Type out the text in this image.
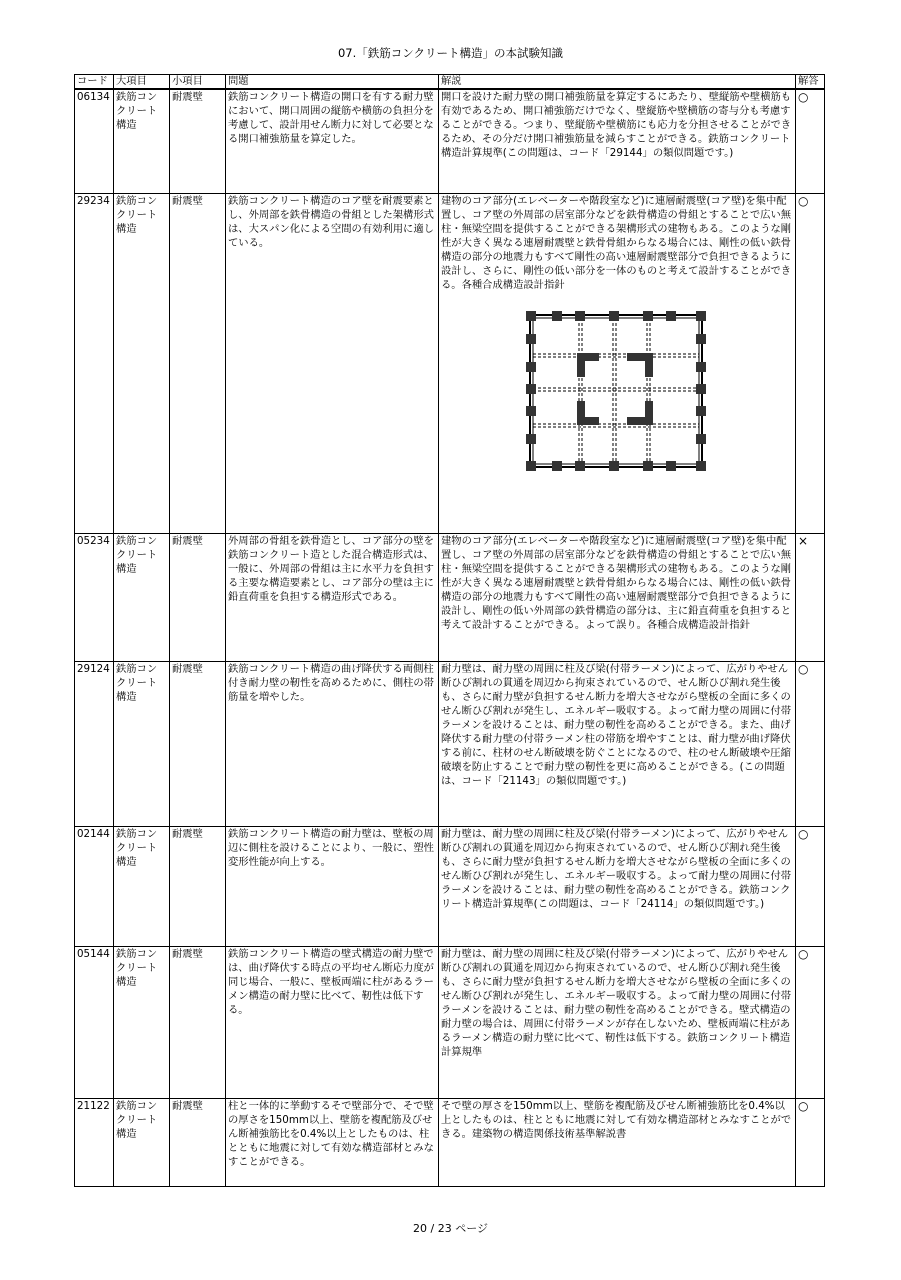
07.「鉄筋コンクリート構造」の本試験知識
コード	大項目	小項目	問題	解説	解答
06134	鉄筋コンクリート構造	耐震壁	鉄筋コンクリート構造の開口を有する耐力壁において、開口周囲の縦筋や横筋の負担分を考慮して、設計用せん断力に対して必要となる開口補強筋量を算定した。	開口を設けた耐力壁の開口補強筋量を算定するにあたり、壁縦筋や壁横筋も有効であるため、開口補強筋だけでなく、壁縦筋や壁横筋の寄与分も考慮することができる。つまり、壁縦筋や壁横筋にも応力を分担させることができるため、その分だけ開口補強筋量を減らすことができる。鉄筋コンクリート構造計算規準(この問題は、コード「29144」の類似問題です。)	○
29234	鉄筋コンクリート構造	耐震壁	鉄筋コンクリート構造のコア壁を耐震要素とし、外周部を鉄骨構造の骨組とした架構形式は、大スパン化による空間の有効利用に適している。	建物のコア部分(エレベーターや階段室など)に連層耐震壁(コア壁)を集中配置し、コア壁の外周部の居室部分などを鉄骨構造の骨組とすることで広い無柱・無梁空間を提供することができる架構形式の建物もある。このような剛性が大きく異なる連層耐震壁と鉄骨骨組からなる場合には、剛性の低い鉄骨構造の部分の地震力もすべて剛性の高い連層耐震壁部分で負担できるように設計し、さらに、剛性の低い部分を一体のものと考えて設計することができる。各種合成構造設計指針	○
05234	鉄筋コンクリート構造	耐震壁	外周部の骨組を鉄骨造とし、コア部分の壁を鉄筋コンクリート造とした混合構造形式は、一般に、外周部の骨組は主に水平力を負担する主要な構造要素とし、コア部分の壁は主に鉛直荷重を負担する構造形式である。	建物のコア部分(エレベーターや階段室など)に連層耐震壁(コア壁)を集中配置し、コア壁の外周部の居室部分などを鉄骨構造の骨組とすることで広い無柱・無梁空間を提供することができる架構形式の建物もある。このような剛性が大きく異なる連層耐震壁と鉄骨骨組からなる場合には、剛性の低い鉄骨構造の部分の地震力もすべて剛性の高い連層耐震壁部分で負担できるように設計し、剛性の低い外周部の鉄骨構造の部分は、主に鉛直荷重を負担すると考えて設計することができる。よって誤り。各種合成構造設計指針	×
29124	鉄筋コンクリート構造	耐震壁	鉄筋コンクリート構造の曲げ降伏する両側柱付き耐力壁の靭性を高めるために、側柱の帯筋量を増やした。	耐力壁は、耐力壁の周囲に柱及び梁(付帯ラーメン)によって、広がりやせん断ひび割れの貫通を周辺から拘束されているので、せん断ひび割れ発生後も、さらに耐力壁が負担するせん断力を増大させながら壁板の全面に多くのせん断ひび割れが発生し、エネルギー吸収する。よって耐力壁の周囲に付帯ラーメンを設けることは、耐力壁の靭性を高めることができる。また、曲げ降伏する耐力壁の付帯ラーメン柱の帯筋を増やすことは、耐力壁が曲げ降伏する前に、柱材のせん断破壊を防ぐことになるので、柱のせん断破壊や圧縮破壊を防止することで耐力壁の靭性を更に高めることができる。(この問題は、コード「21143」の類似問題です。)	○
02144	鉄筋コンクリート構造	耐震壁	鉄筋コンクリート構造の耐力壁は、壁板の周辺に側柱を設けることにより、一般に、塑性変形性能が向上する。	耐力壁は、耐力壁の周囲に柱及び梁(付帯ラーメン)によって、広がりやせん断ひび割れの貫通を周辺から拘束されているので、せん断ひび割れ発生後も、さらに耐力壁が負担するせん断力を増大させながら壁板の全面に多くのせん断ひび割れが発生し、エネルギー吸収する。よって耐力壁の周囲に付帯ラーメンを設けることは、耐力壁の靭性を高めることができる。鉄筋コンクリート構造計算規準(この問題は、コード「24114」の類似問題です。)	○
05144	鉄筋コンクリート構造	耐震壁	鉄筋コンクリート構造の壁式構造の耐力壁では、曲げ降伏する時点の平均せん断応力度が同じ場合、一般に、壁板両端に柱があるラーメン構造の耐力壁に比べて、靭性は低下する。	耐力壁は、耐力壁の周囲に柱及び梁(付帯ラーメン)によって、広がりやせん断ひび割れの貫通を周辺から拘束されているので、せん断ひび割れ発生後も、さらに耐力壁が負担するせん断力を増大させながら壁板の全面に多くのせん断ひび割れが発生し、エネルギー吸収する。よって耐力壁の周囲に付帯ラーメンを設けることは、耐力壁の靭性を高めることができる。壁式構造の耐力壁の場合は、周囲に付帯ラーメンが存在しないため、壁板両端に柱があるラーメン構造の耐力壁に比べて、靭性は低下する。鉄筋コンクリート構造計算規準	○
21122	鉄筋コンクリート構造	耐震壁	柱と一体的に挙動するそで壁部分で、そで壁の厚さを150mm以上、壁筋を複配筋及びせん断補強筋比を0.4%以上としたものは、柱とともに地震に対して有効な構造部材とみなすことができる。	そで壁の厚さを150mm以上、壁筋を複配筋及びせん断補強筋比を0.4%以上としたものは、柱とともに地震に対して有効な構造部材とみなすことができる。建築物の構造関係技術基準解説書	○
20 / 23 ページ
